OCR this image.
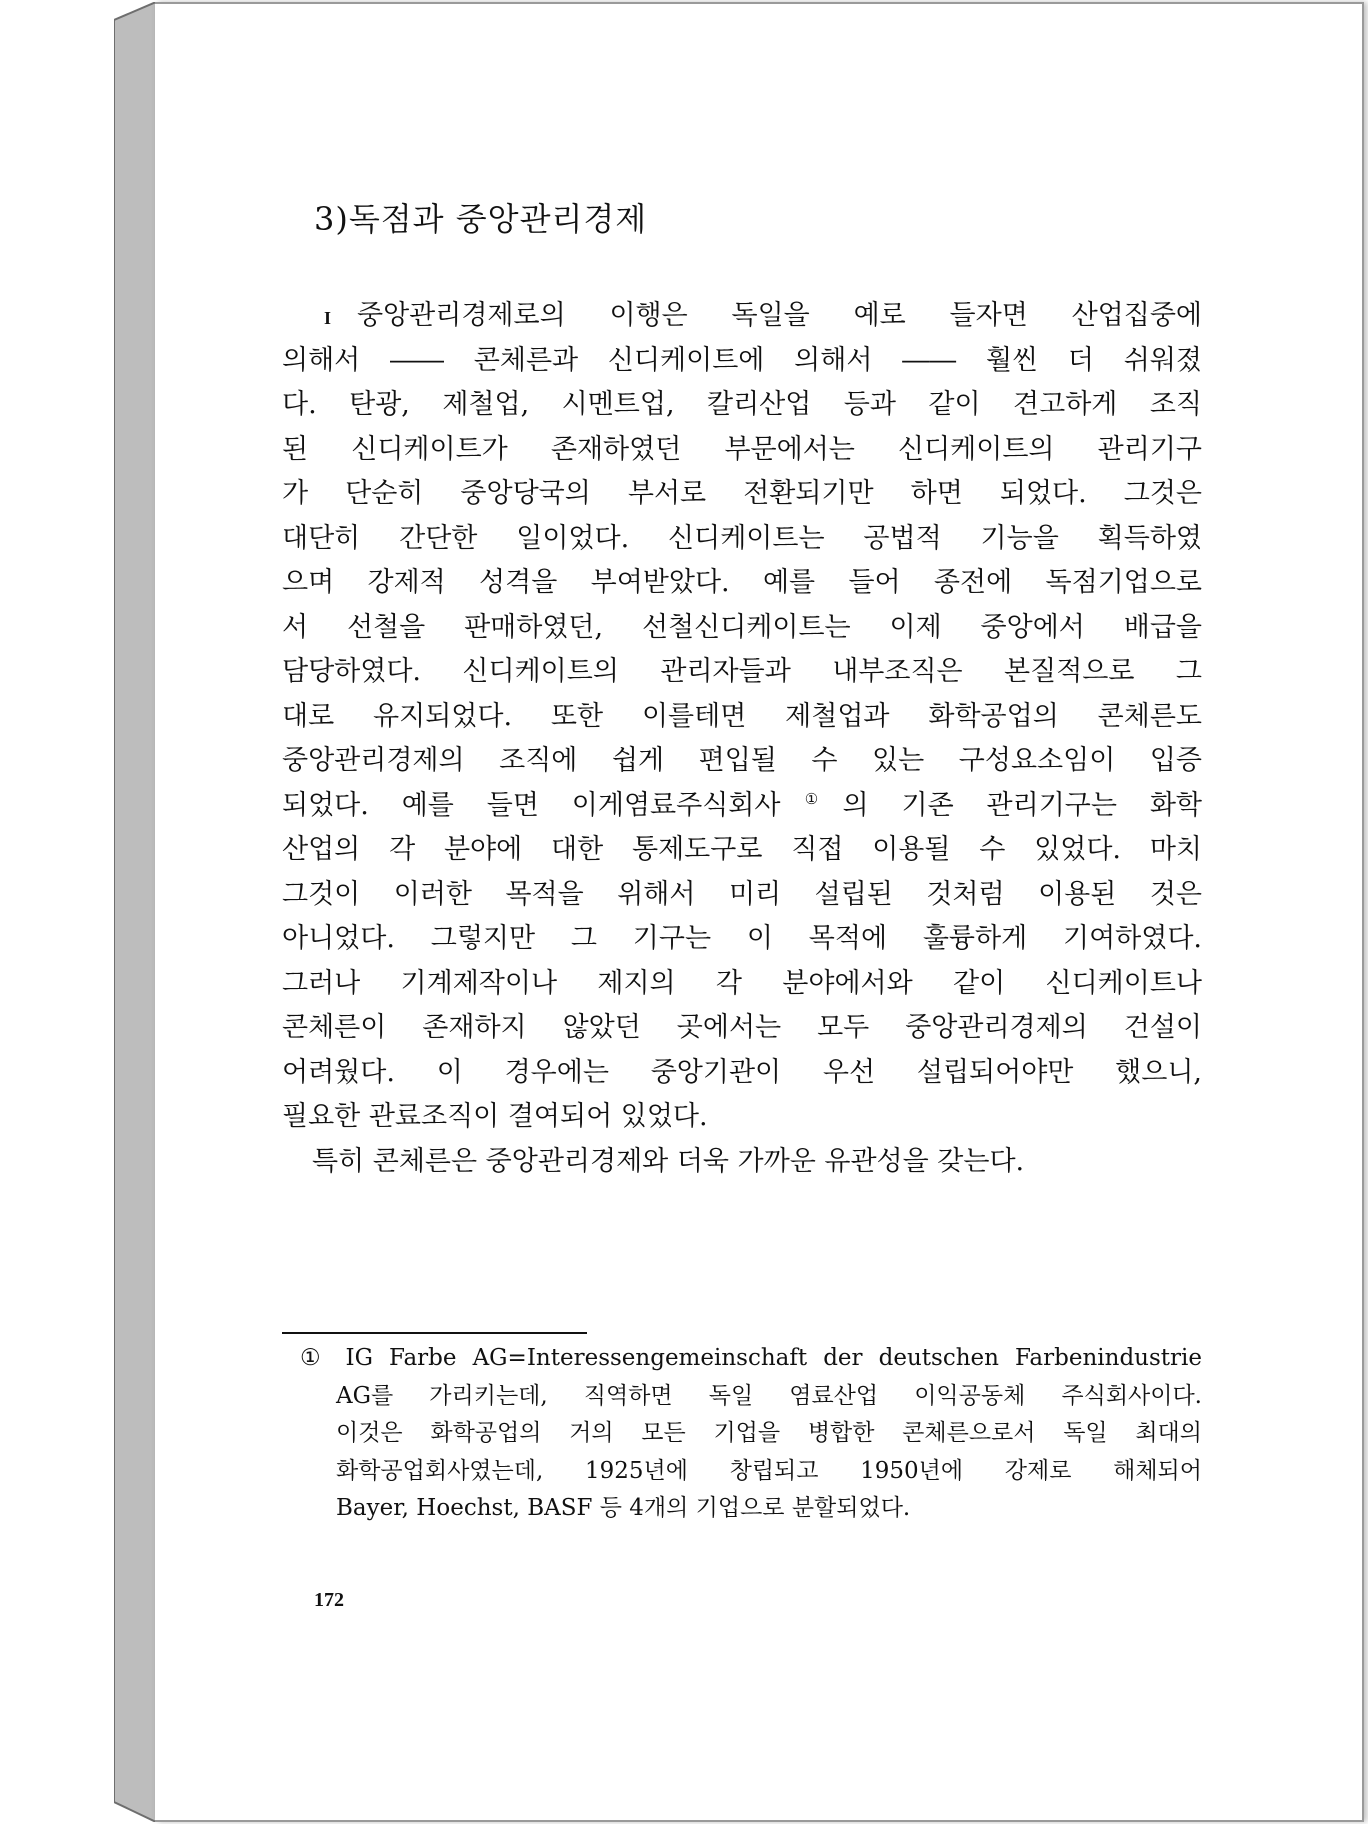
3)독점과 중앙관리경제
I 중앙관리경제로의 이행은 독일을 예로 들자면 산업집중에
의해서 ―― 콘체른과 신디케이트에 의해서 ―― 훨씬 더 쉬워졌
다. 탄광, 제철업, 시멘트업, 칼리산업 등과 같이 견고하게 조직
된 신디케이트가 존재하였던 부문에서는 신디케이트의 관리기구
가 단순히 중앙당국의 부서로 전환되기만 하면 되었다. 그것은
대단히 간단한 일이었다. 신디케이트는 공법적 기능을 획득하였
으며 강제적 성격을 부여받았다. 예를 들어 종전에 독점기업으로
서 선철을 판매하였던, 선철신디케이트는 이제 중앙에서 배급을
담당하였다. 신디케이트의 관리자들과 내부조직은 본질적으로 그
대로 유지되었다. 또한 이를테면 제철업과 화학공업의 콘체른도
중앙관리경제의 조직에 쉽게 편입될 수 있는 구성요소임이 입증
되었다. 예를 들면 이게염료주식회사①의 기존 관리기구는 화학
산업의 각 분야에 대한 통제도구로 직접 이용될 수 있었다. 마치
그것이 이러한 목적을 위해서 미리 설립된 것처럼 이용된 것은
아니었다. 그렇지만 그 기구는 이 목적에 훌륭하게 기여하였다.
그러나 기계제작이나 제지의 각 분야에서와 같이 신디케이트나
콘체른이 존재하지 않았던 곳에서는 모두 중앙관리경제의 건설이
어려웠다. 이 경우에는 중앙기관이 우선 설립되어야만 했으니,
필요한 관료조직이 결여되어 있었다.
특히 콘체른은 중앙관리경제와 더욱 가까운 유관성을 갖는다.
① IG Farbe AG=Interessengemeinschaft der deutschen Farbenindustrie
AG를 가리키는데, 직역하면 독일 염료산업 이익공동체 주식회사이다.
이것은 화학공업의 거의 모든 기업을 병합한 콘체른으로서 독일 최대의
화학공업회사였는데, 1925년에 창립되고 1950년에 강제로 해체되어
Bayer, Hoechst, BASF 등 4개의 기업으로 분할되었다.
172
